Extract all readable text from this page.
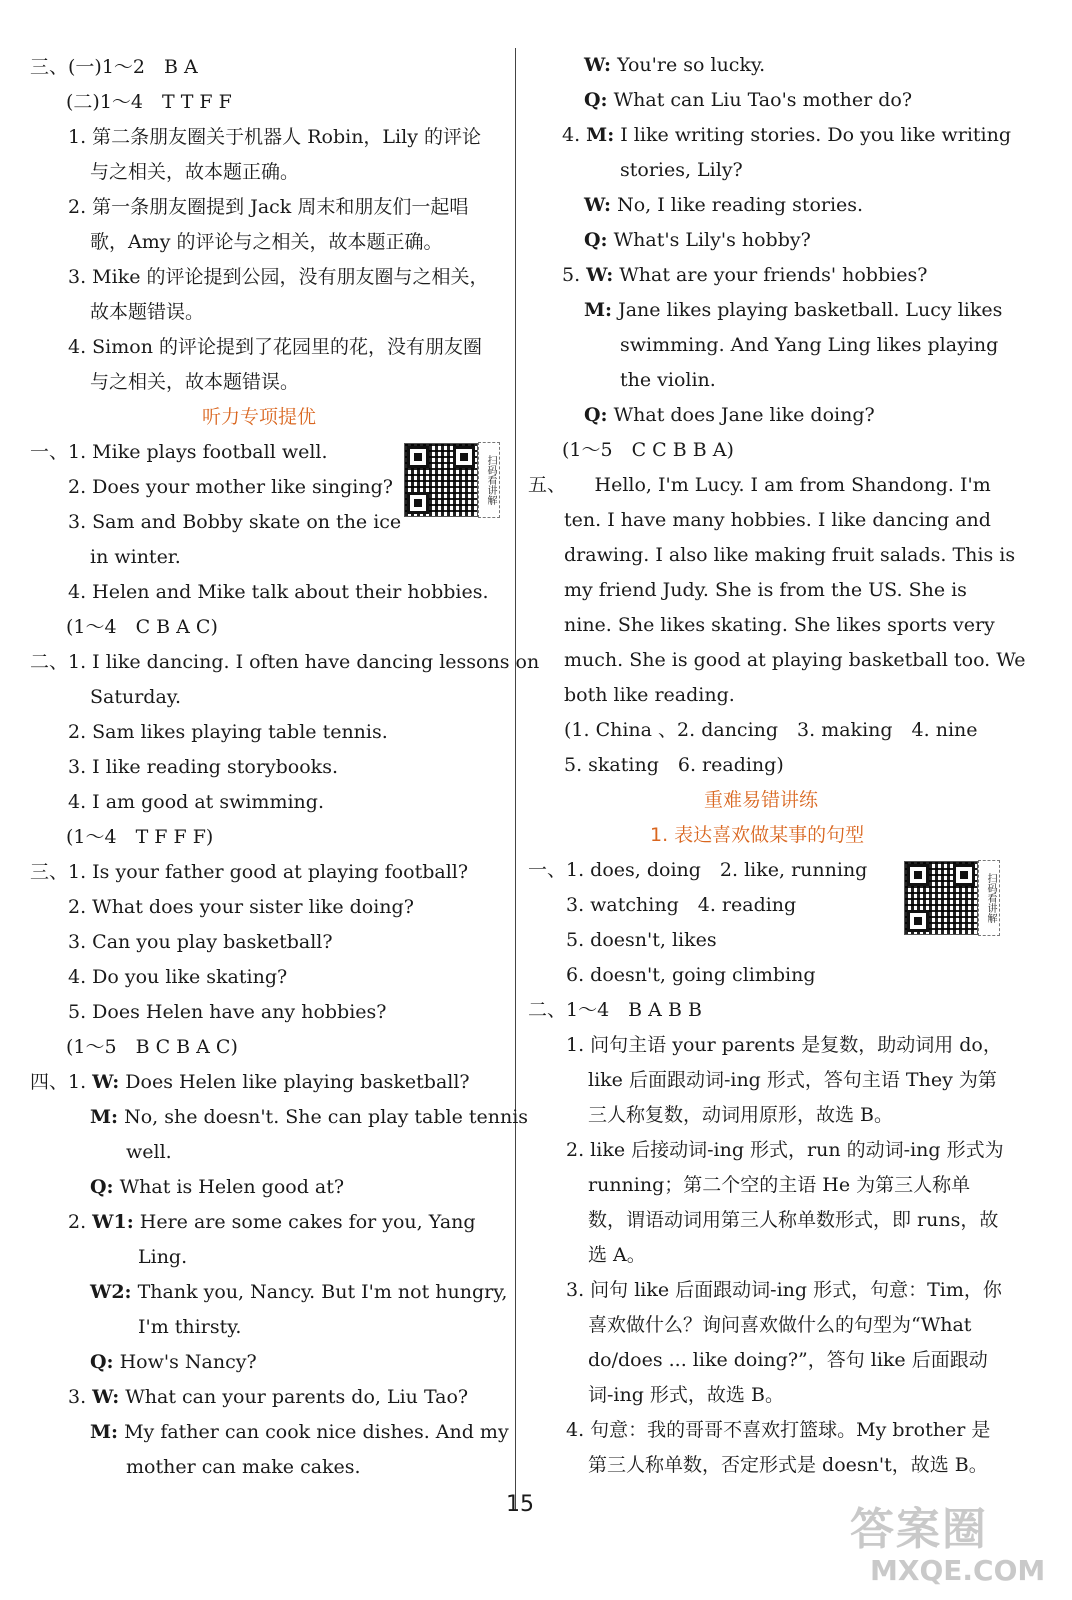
三、(一)1～2　B A
(二)1～4　T T F F
1. 第二条朋友圈关于机器人 Robin，Lily 的评论
与之相关，故本题正确。
2. 第一条朋友圈提到 Jack 周末和朋友们一起唱
歌，Amy 的评论与之相关，故本题正确。
3. Mike 的评论提到公园，没有朋友圈与之相关，
故本题错误。
4. Simon 的评论提到了花园里的花，没有朋友圈
与之相关，故本题错误。
听力专项提优
一、1. Mike plays football well.
2. Does your mother like singing?
3. Sam and Bobby skate on the ice
in winter.
4. Helen and Mike talk about their hobbies.
(1～4　C B A C)
扫码看讲解
二、1. I like dancing. I often have dancing lessons on
Saturday.
2. Sam likes playing table tennis.
3. I like reading storybooks.
4. I am good at swimming.
(1～4　T F F F)
三、1. Is your father good at playing football?
2. What does your sister like doing?
3. Can you play basketball?
4. Do you like skating?
5. Does Helen have any hobbies?
(1～5　B C B A C)
四、1. W: Does Helen like playing basketball?
M: No, she doesn't. She can play table tennis
well.
Q: What is Helen good at?
2. W1: Here are some cakes for you, Yang
Ling.
W2: Thank you, Nancy. But I'm not hungry,
I'm thirsty.
Q: How's Nancy?
3. W: What can your parents do, Liu Tao?
M: My father can cook nice dishes. And my
mother can make cakes.
W: You're so lucky.
Q: What can Liu Tao's mother do?
4. M: I like writing stories. Do you like writing
stories, Lily?
W: No, I like reading stories.
Q: What's Lily's hobby?
5. W: What are your friends' hobbies?
M: Jane likes playing basketball. Lucy likes
swimming. And Yang Ling likes playing
the violin.
Q: What does Jane like doing?
(1～5　C C B B A)
五、　　Hello, I'm Lucy. I am from Shandong. I'm
ten. I have many hobbies. I like dancing and
drawing. I also like making fruit salads. This is
my friend Judy. She is from the US. She is
nine. She likes skating. She likes sports very
much. She is good at playing basketball too. We
both like reading.
(1. China 、2. dancing　3. making　4. nine
5. skating　6. reading)
重难易错讲练
1. 表达喜欢做某事的句型
一、1. does, doing　2. like, running
3. watching　4. reading
5. doesn't, likes
6. doesn't, going climbing
扫码看讲解
二、1～4　B A B B
1. 问句主语 your parents 是复数，助动词用 do，
like 后面跟动词-ing 形式，答句主语 They 为第
三人称复数，动词用原形，故选 B。
2. like 后接动词-ing 形式，run 的动词-ing 形式为
running；第二个空的主语 He 为第三人称单
数，谓语动词用第三人称单数形式，即 runs，故
选 A。
3. 问句 like 后面跟动词-ing 形式，句意：Tim，你
喜欢做什么？询问喜欢做什么的句型为“What
do/does ... like doing?”，答句 like 后面跟动
词-ing 形式，故选 B。
4. 句意：我的哥哥不喜欢打篮球。My brother 是
第三人称单数，否定形式是 doesn't，故选 B。
15	答案圈
MXQE.COM
